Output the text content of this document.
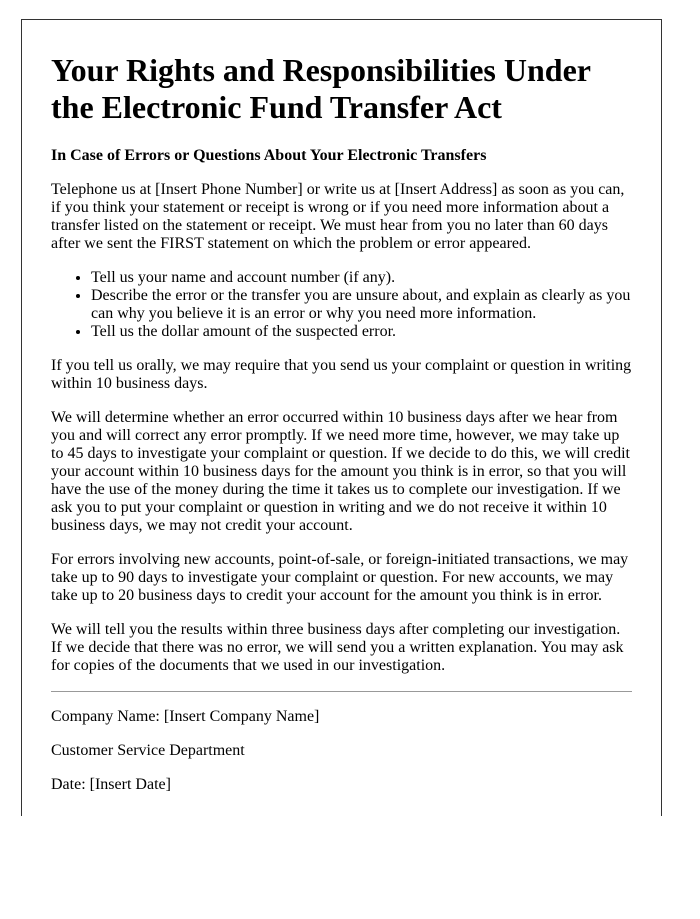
Your Rights and Responsibilities Under
the Electronic Fund Transfer Act
In Case of Errors or Questions About Your Electronic Transfers

Telephone us at [Insert Phone Number] or write us at [Insert Address] as soon as you can, if you think your statement or receipt is wrong or if you need more information about a transfer listed on the statement or receipt. We must hear from you no later than 60 days after we sent the FIRST statement on which the problem or error appeared.

• Tell us your name and account number (if any).
• Describe the error or the transfer you are unsure about, and explain as clearly as you can why you believe it is an error or why you need more information.
• Tell us the dollar amount of the suspected error.

If you tell us orally, we may require that you send us your complaint or question in writing within 10 business days.

We will determine whether an error occurred within 10 business days after we hear from you and will correct any error promptly. If we need more time, however, we may take up to 45 days to investigate your complaint or question. If we decide to do this, we will credit your account within 10 business days for the amount you think is in error, so that you will have the use of the money during the time it takes us to complete our investigation. If we ask you to put your complaint or question in writing and we do not receive it within 10 business days, we may not credit your account.

For errors involving new accounts, point-of-sale, or foreign-initiated transactions, we may take up to 90 days to investigate your complaint or question. For new accounts, we may take up to 20 business days to credit your account for the amount you think is in error.

We will tell you the results within three business days after completing our investigation. If we decide that there was no error, we will send you a written explanation. You may ask for copies of the documents that we used in our investigation.

Company Name: [Insert Company Name]

Customer Service Department

Date: [Insert Date]
